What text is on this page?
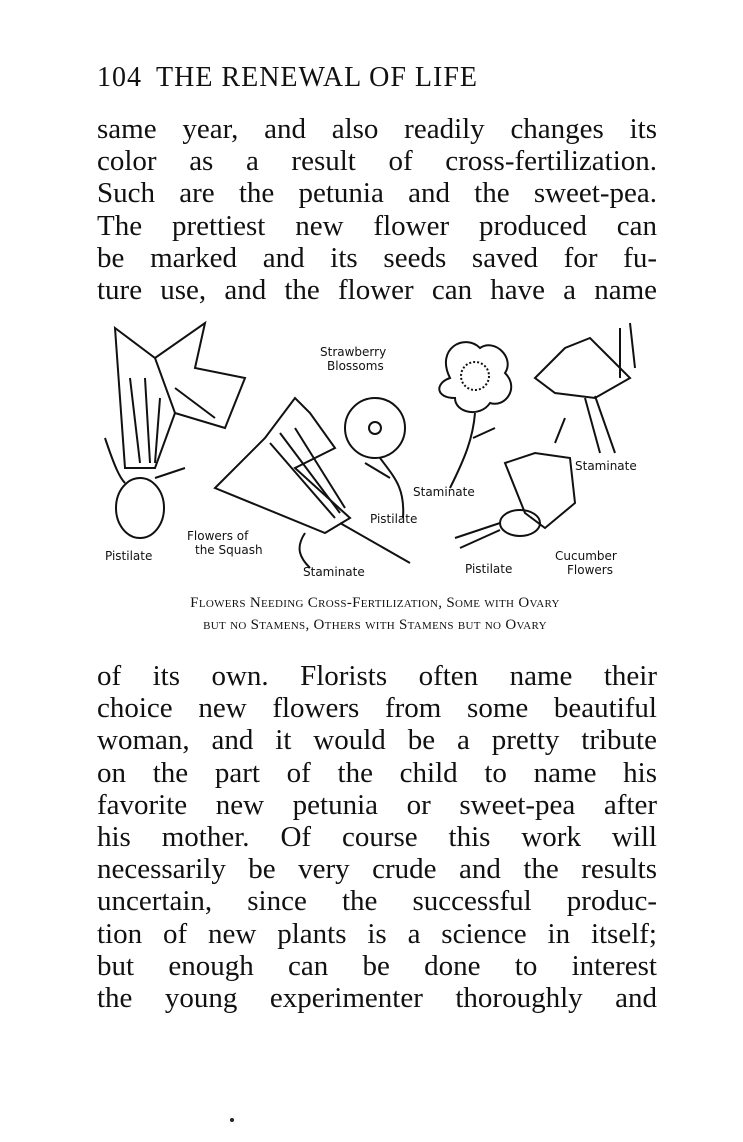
104 THE RENEWAL OF LIFE
same year, and also readily changes its
color as a result of cross-fertilization.
Such are the petunia and the sweet-pea.
The prettiest new flower produced can
be marked and its seeds saved for fu-
ture use, and the flower can have a name
Strawberry
Blossoms
Staminate
Staminate
Pistilate
Flowers of
the Squash
Pistilate
Staminate	Pistilate
Cucumber
Flowers
Flowers Needing Cross-Fertilization, Some with Ovary
but no Stamens, Others with Stamens but no Ovary
of its own. Florists often name their
choice new flowers from some beautiful
woman, and it would be a pretty tribute
on the part of the child to name his
favorite new petunia or sweet-pea after
his mother. Of course this work will
necessarily be very crude and the results
uncertain, since the successful produc-
tion of new plants is a science in itself;
but enough can be done to interest
the young experimenter thoroughly and
